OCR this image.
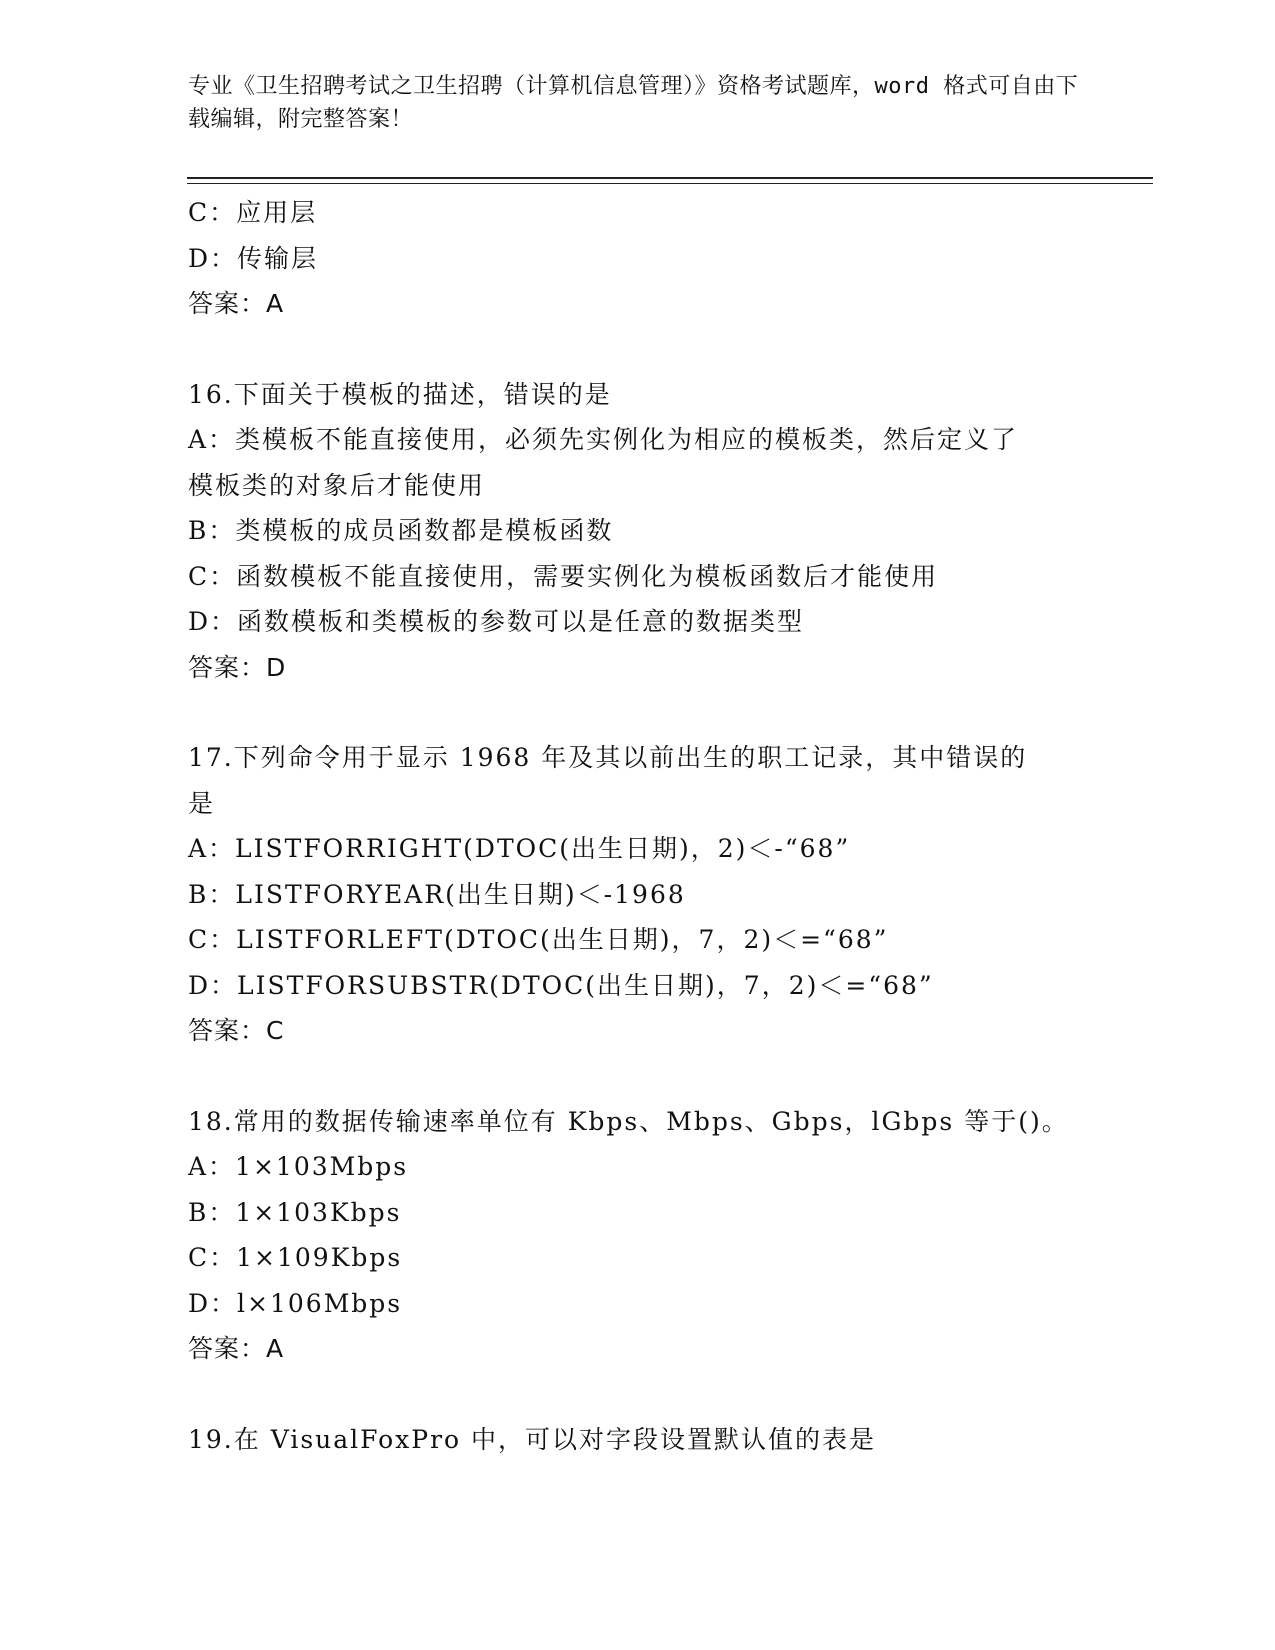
专业《卫生招聘考试之卫生招聘（计算机信息管理）》资格考试题库，word 格式可自由下载编辑，附完整答案！
C：应用层
D：传输层
答案：A
16.下面关于模板的描述，错误的是
A：类模板不能直接使用，必须先实例化为相应的模板类，然后定义了模板类的对象后才能使用
B：类模板的成员函数都是模板函数
C：函数模板不能直接使用，需要实例化为模板函数后才能使用
D：函数模板和类模板的参数可以是任意的数据类型
答案：D
17.下列命令用于显示 1968 年及其以前出生的职工记录，其中错误的是
A：LISTFORRIGHT(DTOC(出生日期)，2)＜-“68”
B：LISTFORYEAR(出生日期)＜-1968
C：LISTFORLEFT(DTOC(出生日期)，7，2)＜=“68”
D：LISTFORSUBSTR(DTOC(出生日期)，7，2)＜=“68”
答案：C
18.常用的数据传输速率单位有 Kbps、Mbps、Gbps，lGbps 等于()。
A：1×103Mbps
B：1×103Kbps
C：1×109Kbps
D：l×106Mbps
答案：A
19.在 VisualFoxPro 中，可以对字段设置默认值的表是
